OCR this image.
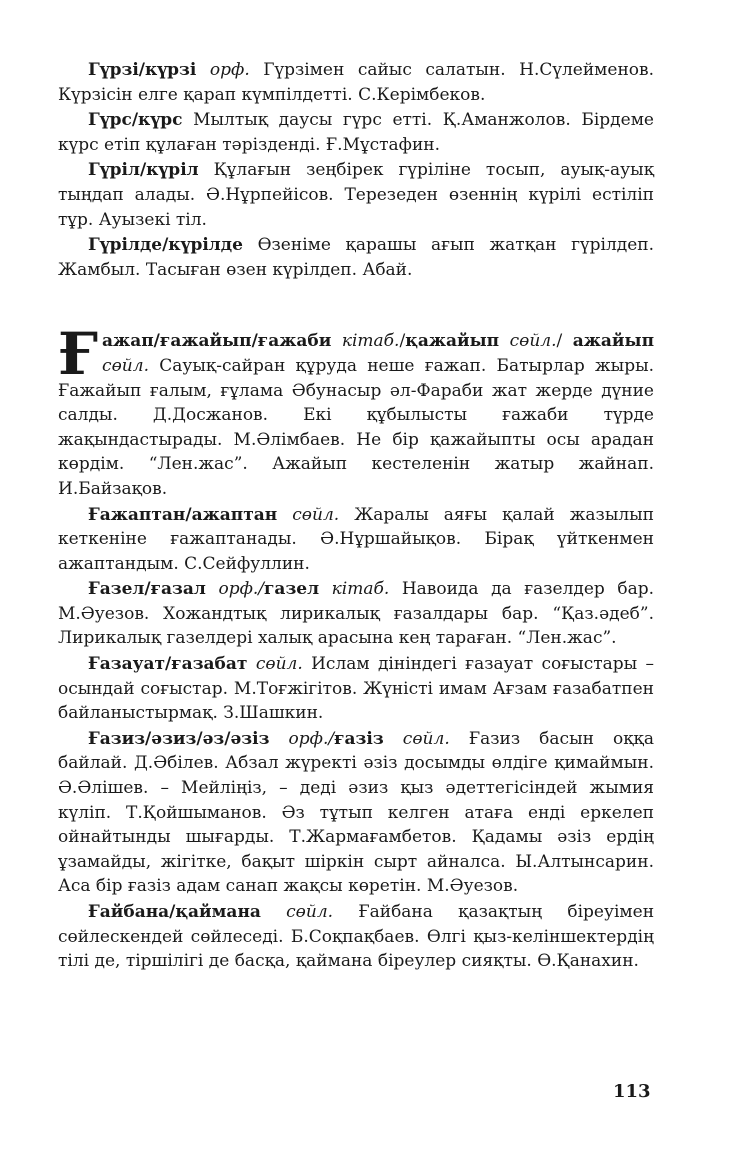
Гүрзі/күрзі орф. Гүрзімен сайыс салатын. Н.Сүлейменов. Күрзісін елге қарап күмпілдетті. С.Керімбеков.

Гүрс/күрс Мылтық даусы гүрс етті. Қ.Аманжолов. Бірдеме күрс етіп құлаған тәрізденді. Ғ.Мұстафин.

Гүріл/күріл Құлағын зеңбірек гүріліне тосып, ауық-ауық тыңдап алады. Ә.Нұрпейісов. Терезеден өзеннің күрілі естіліп тұр. Ауызекі тіл.

Гүрілде/күрілде Өзеніме қарашы ағып жатқан гүрілдеп. Жамбыл. Тасыған өзен күрілдеп. Абай.

Ғажап/ғажайып/ғажаби кітаб./қажайып сөйл./ ажайып сөйл. Сауық-сайран құруда неше ғажап. Батырлар жыры. Ғажайып ғалым, ғұлама Әбунасыр әл-Фараби жат жерде дүние салды. Д.Досжанов. Екі құбылысты ғажаби түрде жақындастырады. М.Әлімбаев. Не бір қажайыпты осы арадан көрдім. “Лен.жас”. Ажайып кестеленін жатыр жайнап. И.Байзақов.

Ғажаптан/ажаптан сөйл. Жаралы аяғы қалай жазылып кеткеніне ғажаптанады. Ә.Нұршайықов. Бірақ үйткенмен ажаптандым. С.Сейфуллин.

Ғазел/ғазал орф./газел кітаб. Навоида да ғазелдер бар. М.Әуезов. Хожандтық лирикалық ғазалдары бар. “Қаз.әдеб”. Лирикалық газелдері халық арасына кең тараған. “Лен.жас”.

Ғазауат/ғазабат сөйл. Ислам дініндегі ғазауат соғыстары – осындай соғыстар. М.Тоғжігітов. Жүністі имам Ағзам ғазабатпен байланыстырмақ. З.Шашкин.

Ғазиз/әзиз/әз/әзіз орф./ғазіз сөйл. Ғазиз басын оққа байлай. Д.Әбілев. Абзал жүректі әзіз досымды өлдіге қимаймын. Ә.Әлішев. – Мейліңіз, – деді әзиз қыз әдеттегісіндей жымия күліп. Т.Қойшыманов. Әз тұтып келген атаға енді еркелеп ойнайтынды шығарды. Т.Жармағамбетов. Қадамы әзіз ердің ұзамайды, жігітке, бақыт шіркін сырт айналса. Ы.Алтынсарин. Аса бір ғазіз адам санап жақсы көретін. М.Әуезов.

Ғайбана/қаймана сөйл. Ғайбана қазақтың біреуімен сөйлескендей сөйлеседі. Б.Соқпақбаев. Өлгі қыз-келіншектердің тілі де, тіршілігі де басқа, қаймана біреулер сияқты. Ө.Қанахин.

113
